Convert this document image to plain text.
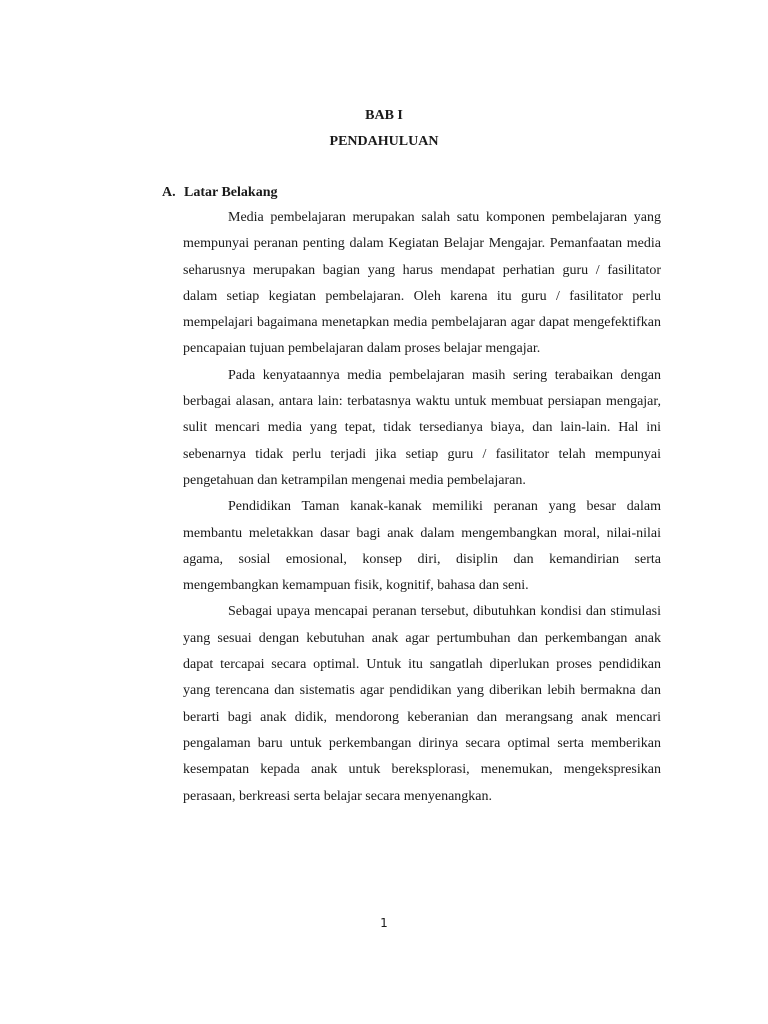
BAB I
PENDAHULUAN
A. Latar Belakang

Media pembelajaran merupakan salah satu komponen pembelajaran yang mempunyai peranan penting dalam Kegiatan Belajar Mengajar. Pemanfaatan media seharusnya merupakan bagian yang harus mendapat perhatian guru / fasilitator dalam setiap kegiatan pembelajaran. Oleh karena itu guru / fasilitator perlu mempelajari bagaimana menetapkan media pembelajaran agar dapat mengefektifkan pencapaian tujuan pembelajaran dalam proses belajar mengajar.

Pada kenyataannya media pembelajaran masih sering terabaikan dengan berbagai alasan, antara lain: terbatasnya waktu untuk membuat persiapan mengajar, sulit mencari media yang tepat, tidak tersedianya biaya, dan lain-lain. Hal ini sebenarnya tidak perlu terjadi jika setiap guru / fasilitator telah mempunyai pengetahuan dan ketrampilan mengenai media pembelajaran.

Pendidikan Taman kanak-kanak memiliki peranan yang besar dalam membantu meletakkan dasar bagi anak dalam mengembangkan moral, nilai-nilai agama, sosial emosional, konsep diri, disiplin dan kemandirian serta mengembangkan kemampuan fisik, kognitif, bahasa dan seni.

Sebagai upaya mencapai peranan tersebut, dibutuhkan kondisi dan stimulasi yang sesuai dengan kebutuhan anak agar pertumbuhan dan perkembangan anak dapat tercapai secara optimal. Untuk itu sangatlah diperlukan proses pendidikan yang terencana dan sistematis agar pendidikan yang diberikan lebih bermakna dan berarti bagi anak didik, mendorong keberanian dan merangsang anak mencari pengalaman baru untuk perkembangan dirinya secara optimal serta memberikan kesempatan kepada anak untuk bereksplorasi, menemukan, mengekspresikan perasaan, berkreasi serta belajar secara menyenangkan.

1
